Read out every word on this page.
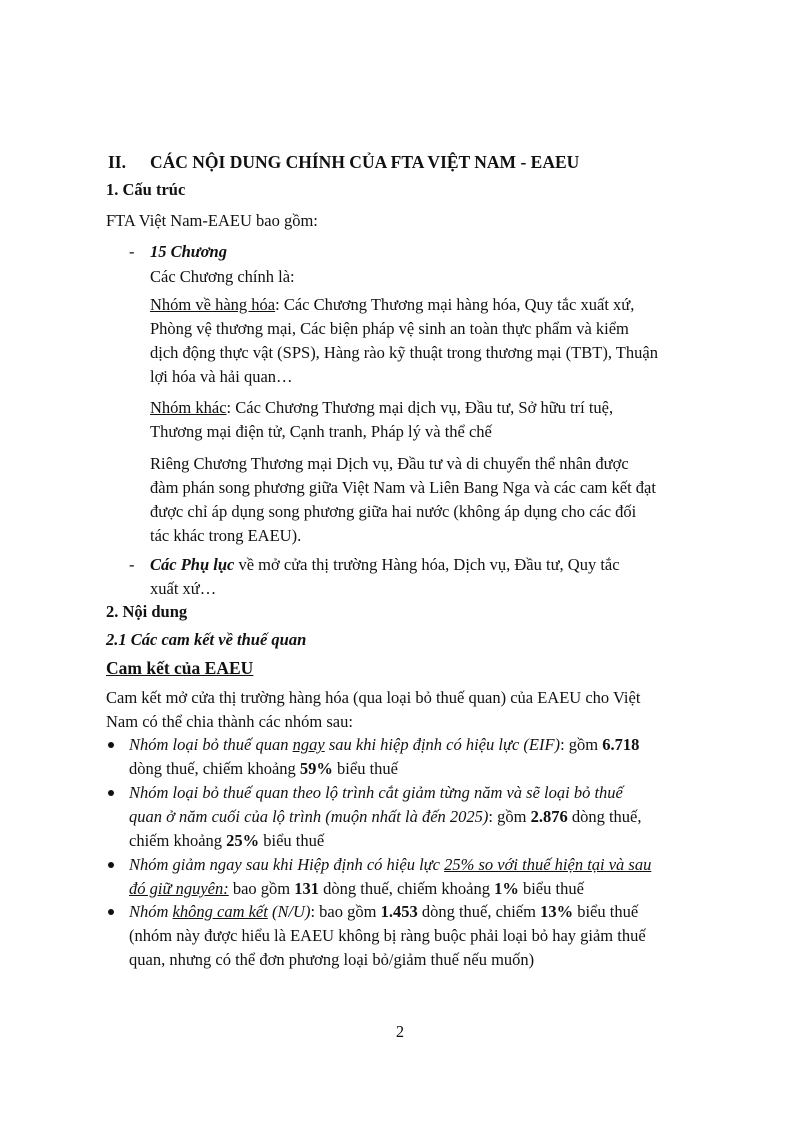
II. CÁC NỘI DUNG CHÍNH CỦA FTA VIỆT NAM - EAEU
1. Cấu trúc
FTA Việt Nam-EAEU bao gồm:
- 15 Chương
Các Chương chính là:
Nhóm về hàng hóa: Các Chương Thương mại hàng hóa, Quy tắc xuất xứ,
Phòng vệ thương mại, Các biện pháp vệ sinh an toàn thực phẩm và kiểm
dịch động thực vật (SPS), Hàng rào kỹ thuật trong thương mại (TBT), Thuận
lợi hóa và hải quan…
Nhóm khác: Các Chương Thương mại dịch vụ, Đầu tư, Sở hữu trí tuệ,
Thương mại điện tử, Cạnh tranh, Pháp lý và thể chế
Riêng Chương Thương mại Dịch vụ, Đầu tư và di chuyển thể nhân được
đàm phán song phương giữa Việt Nam và Liên Bang Nga và các cam kết đạt
được chỉ áp dụng song phương giữa hai nước (không áp dụng cho các đối
tác khác trong EAEU).
- Các Phụ lục về mở cửa thị trường Hàng hóa, Dịch vụ, Đầu tư, Quy tắc
xuất xứ…
2. Nội dung
2.1 Các cam kết về thuế quan
Cam kết của EAEU
Cam kết mở cửa thị trường hàng hóa (qua loại bỏ thuế quan) của EAEU cho Việt
Nam có thể chia thành các nhóm sau:
Nhóm loại bỏ thuế quan ngay sau khi hiệp định có hiệu lực (EIF): gồm 6.718
dòng thuế, chiếm khoảng 59% biểu thuế
Nhóm loại bỏ thuế quan theo lộ trình cắt giảm từng năm và sẽ loại bỏ thuế
quan ở năm cuối của lộ trình (muộn nhất là đến 2025): gồm 2.876 dòng thuế,
chiếm khoảng 25% biểu thuế
Nhóm giảm ngay sau khi Hiệp định có hiệu lực 25% so với thuế hiện tại và sau
đó giữ nguyên: bao gồm 131 dòng thuế, chiếm khoảng 1% biểu thuế
Nhóm không cam kết (N/U): bao gồm 1.453 dòng thuế, chiếm 13% biểu thuế
(nhóm này được hiểu là EAEU không bị ràng buộc phải loại bỏ hay giảm thuế
quan, nhưng có thể đơn phương loại bỏ/giảm thuế nếu muốn)
2
